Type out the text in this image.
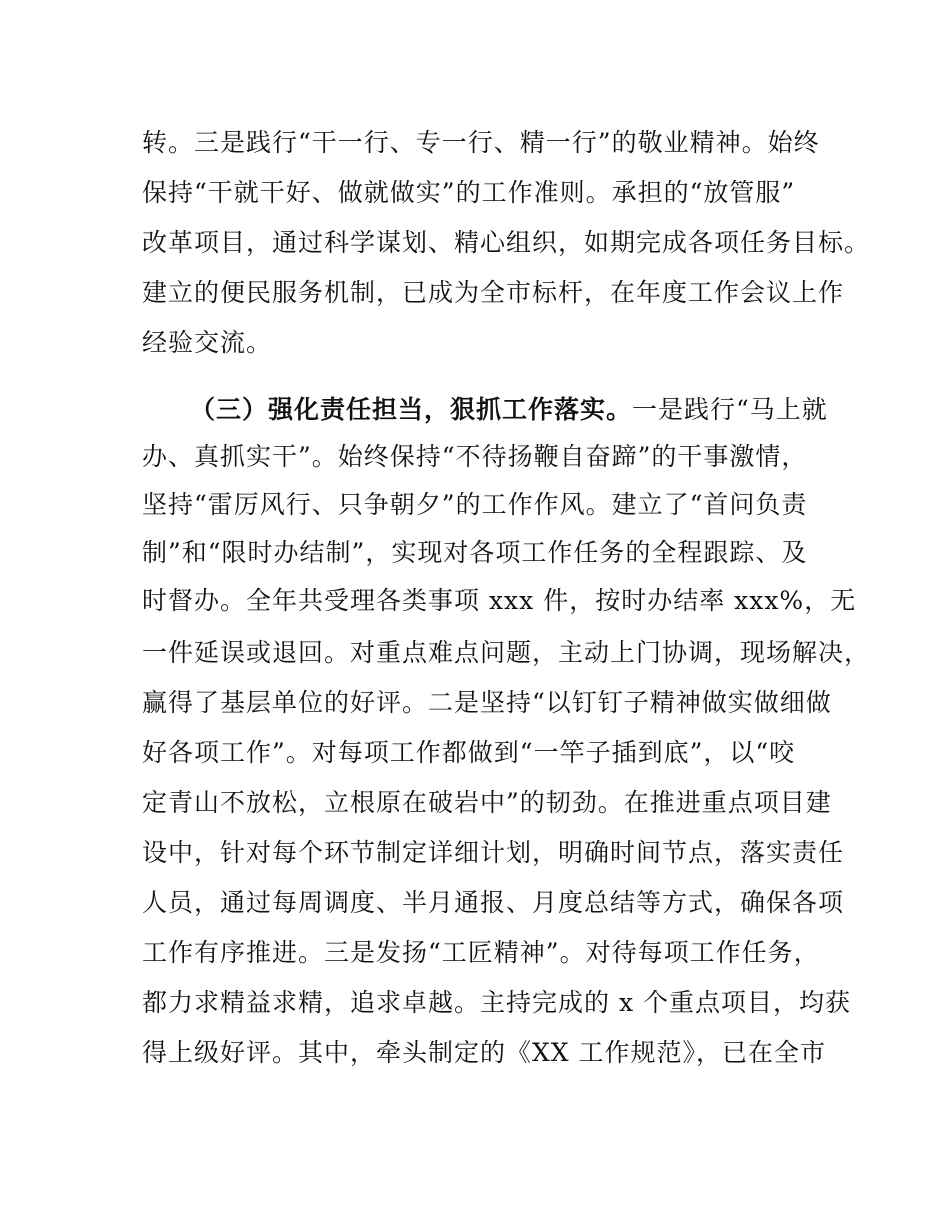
转。三是践行“干一行、专一行、精一行”的敬业精神。始终
保持“干就干好、做就做实”的工作准则。承担的“放管服”
改革项目，通过科学谋划、精心组织，如期完成各项任务目标。
建立的便民服务机制，已成为全市标杆，在年度工作会议上作
经验交流。
（三）强化责任担当，狠抓工作落实。一是践行“马上就
办、真抓实干”。始终保持“不待扬鞭自奋蹄”的干事激情，
坚持“雷厉风行、只争朝夕”的工作作风。建立了“首问负责
制”和“限时办结制”，实现对各项工作任务的全程跟踪、及
时督办。全年共受理各类事项 xxx 件，按时办结率 xxx%，无
一件延误或退回。对重点难点问题，主动上门协调，现场解决，
赢得了基层单位的好评。二是坚持“以钉钉子精神做实做细做
好各项工作”。对每项工作都做到“一竿子插到底”，以“咬
定青山不放松，立根原在破岩中”的韧劲。在推进重点项目建
设中，针对每个环节制定详细计划，明确时间节点，落实责任
人员，通过每周调度、半月通报、月度总结等方式，确保各项
工作有序推进。三是发扬“工匠精神”。对待每项工作任务，
都力求精益求精，追求卓越。主持完成的 x 个重点项目，均获
得上级好评。其中，牵头制定的《XX 工作规范》，已在全市
